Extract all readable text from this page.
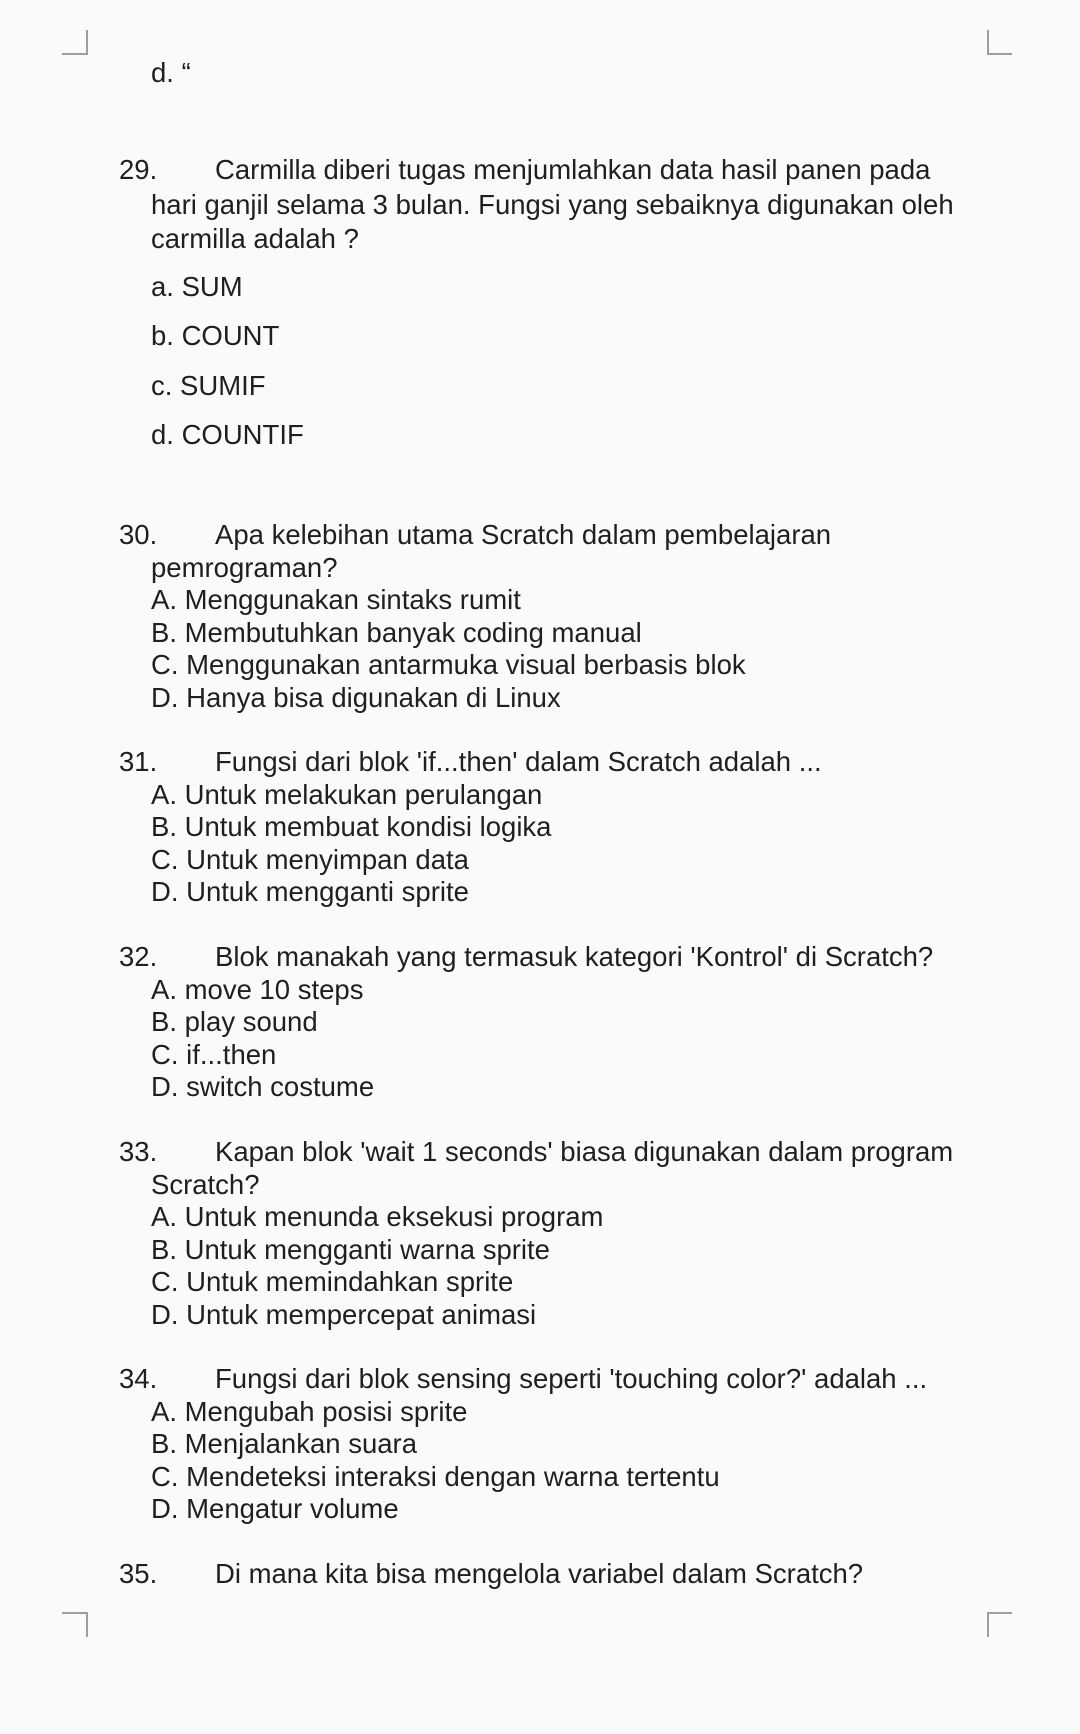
d. “
29.	Carmilla diberi tugas menjumlahkan data hasil panen pada
hari ganjil selama 3 bulan. Fungsi yang sebaiknya digunakan oleh
carmilla adalah ?
a. SUM
b. COUNT
c. SUMIF
d. COUNTIF
30.	Apa kelebihan utama Scratch dalam pembelajaran
pemrograman?
A. Menggunakan sintaks rumit
B. Membutuhkan banyak coding manual
C. Menggunakan antarmuka visual berbasis blok
D. Hanya bisa digunakan di Linux
31.	Fungsi dari blok 'if...then' dalam Scratch adalah ...
A. Untuk melakukan perulangan
B. Untuk membuat kondisi logika
C. Untuk menyimpan data
D. Untuk mengganti sprite
32.	Blok manakah yang termasuk kategori 'Kontrol' di Scratch?
A. move 10 steps
B. play sound
C. if...then
D. switch costume
33.	Kapan blok 'wait 1 seconds' biasa digunakan dalam program
Scratch?
A. Untuk menunda eksekusi program
B. Untuk mengganti warna sprite
C. Untuk memindahkan sprite
D. Untuk mempercepat animasi
34.	Fungsi dari blok sensing seperti 'touching color?' adalah ...
A. Mengubah posisi sprite
B. Menjalankan suara
C. Mendeteksi interaksi dengan warna tertentu
D. Mengatur volume
35.	Di mana kita bisa mengelola variabel dalam Scratch?
